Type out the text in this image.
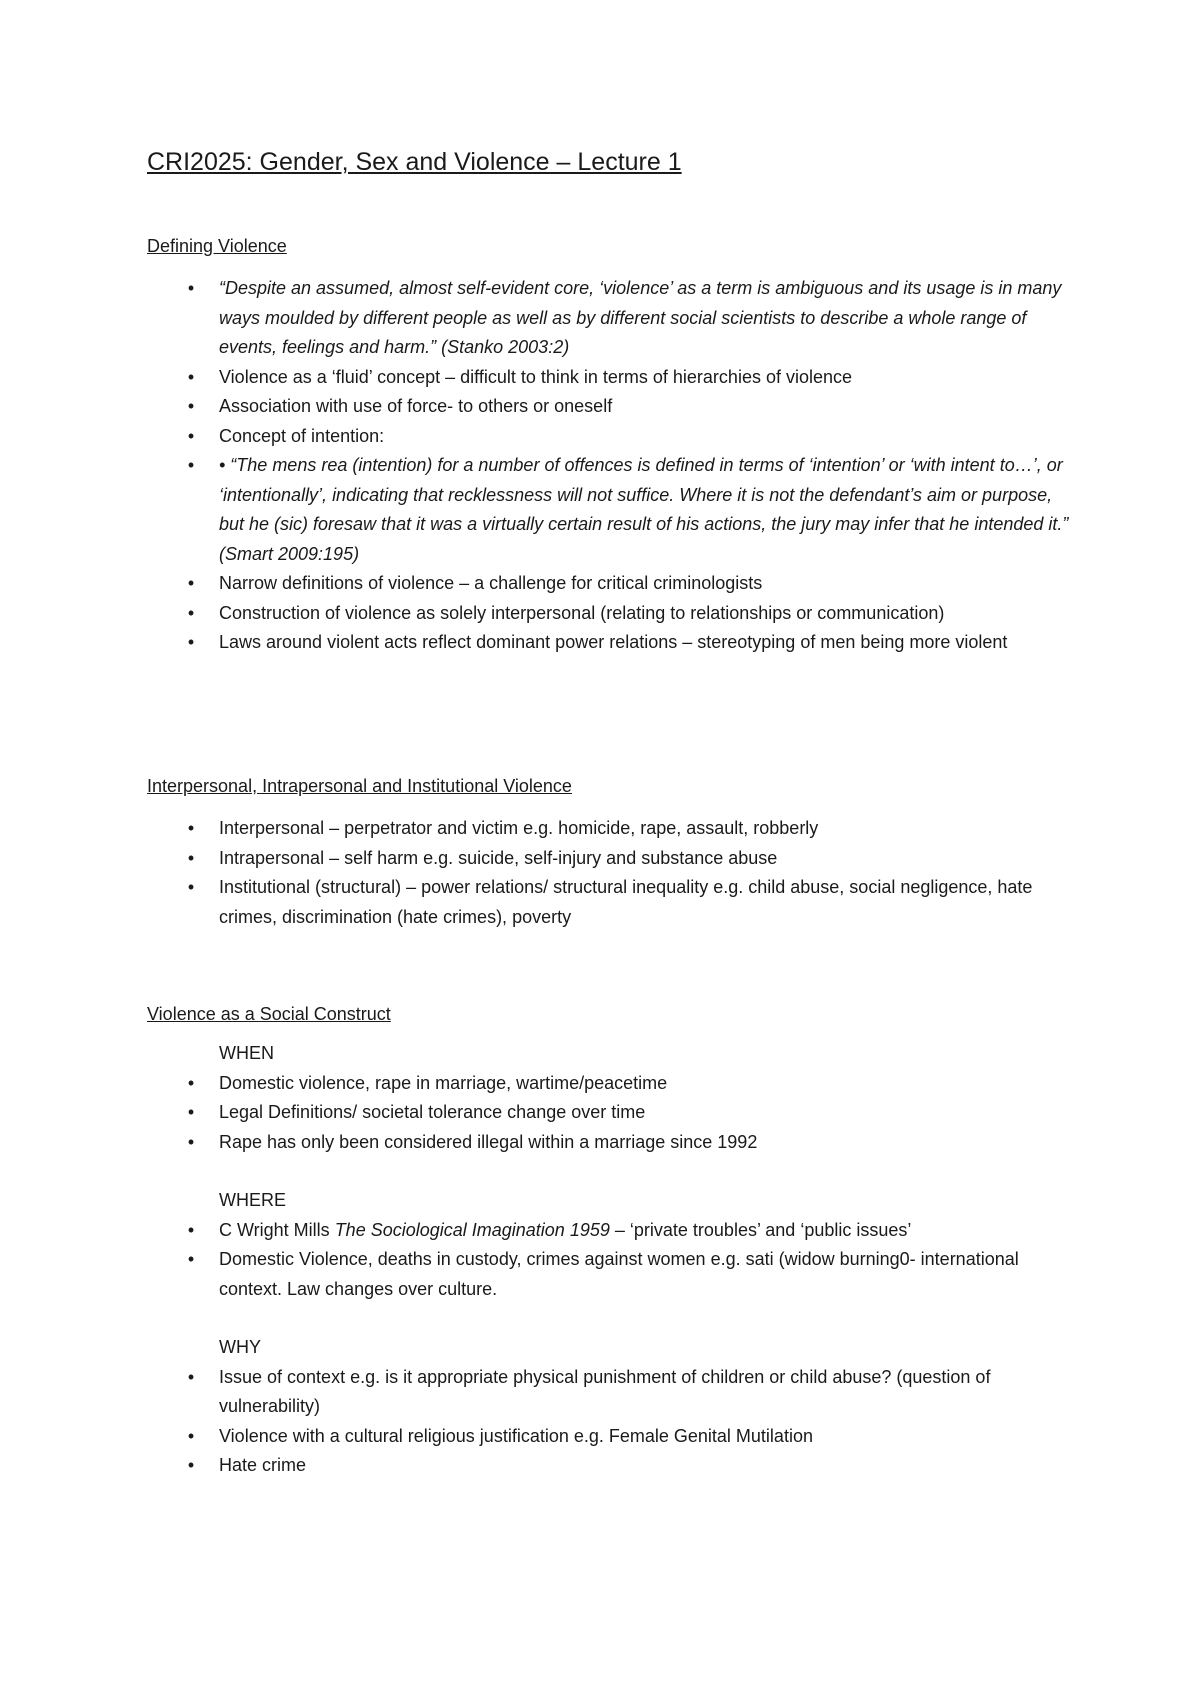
CRI2025: Gender, Sex and Violence – Lecture 1
Defining Violence
• “Despite an assumed, almost self-evident core, ‘violence’ as a term is ambiguous and its usage is in many ways moulded by different people as well as by different social scientists to describe a whole range of events, feelings and harm.” (Stanko 2003:2)
• Violence as a ‘fluid’ concept – difficult to think in terms of hierarchies of violence
• Association with use of force- to others or oneself
• Concept of intention:
• • “The mens rea (intention) for a number of offences is defined in terms of ‘intention’ or ‘with intent to…’, or ‘intentionally’, indicating that recklessness will not suffice. Where it is not the defendant’s aim or purpose, but he (sic) foresaw that it was a virtually certain result of his actions, the jury may infer that he intended it.” (Smart 2009:195)
• Narrow definitions of violence – a challenge for critical criminologists
• Construction of violence as solely interpersonal (relating to relationships or communication)
• Laws around violent acts reflect dominant power relations – stereotyping of men being more violent
Interpersonal, Intrapersonal and Institutional Violence
• Interpersonal – perpetrator and victim e.g. homicide, rape, assault, robberly
• Intrapersonal – self harm e.g. suicide, self-injury and substance abuse
• Institutional (structural) – power relations/ structural inequality e.g. child abuse, social negligence, hate crimes, discrimination (hate crimes), poverty
Violence as a Social Construct
WHEN
• Domestic violence, rape in marriage, wartime/peacetime
• Legal Definitions/ societal tolerance change over time
• Rape has only been considered illegal within a marriage since 1992
WHERE
• C Wright Mills The Sociological Imagination 1959 – ‘private troubles’ and ‘public issues’
• Domestic Violence, deaths in custody, crimes against women e.g. sati (widow burning0- international context. Law changes over culture.
WHY
• Issue of context e.g. is it appropriate physical punishment of children or child abuse? (question of vulnerability)
• Violence with a cultural religious justification e.g. Female Genital Mutilation
• Hate crime
